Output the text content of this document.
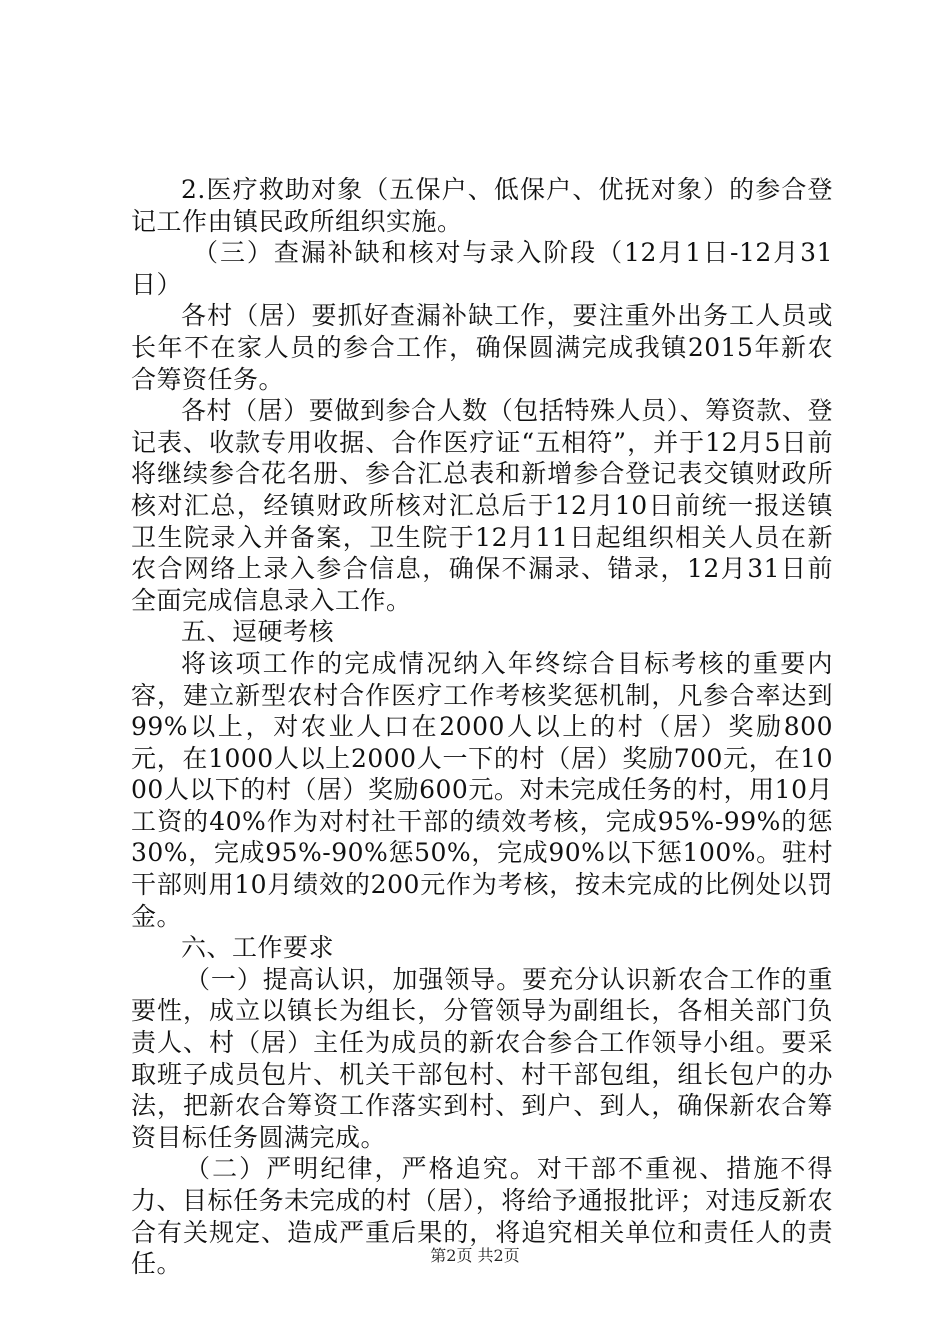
2.医疗救助对象（五保户、低保户、优抚对象）的参合登记工作由镇民政所组织实施。

（三）查漏补缺和核对与录入阶段（12月1日-12月31日）

各村（居）要抓好查漏补缺工作，要注重外出务工人员或长年不在家人员的参合工作，确保圆满完成我镇2015年新农合筹资任务。

各村（居）要做到参合人数（包括特殊人员）、筹资款、登记表、收款专用收据、合作医疗证“五相符”，并于12月5日前将继续参合花名册、参合汇总表和新增参合登记表交镇财政所核对汇总，经镇财政所核对汇总后于12月10日前统一报送镇卫生院录入并备案，卫生院于12月11日起组织相关人员在新农合网络上录入参合信息，确保不漏录、错录，12月31日前全面完成信息录入工作。

五、逗硬考核

将该项工作的完成情况纳入年终综合目标考核的重要内容，建立新型农村合作医疗工作考核奖惩机制，凡参合率达到99%以上，对农业人口在2000人以上的村（居）奖励800元，在1000人以上2000人一下的村（居）奖励700元，在1000人以下的村（居）奖励600元。对未完成任务的村，用10月工资的40%作为对村社干部的绩效考核，完成95%-99%的惩30%，完成95%-90%惩50%，完成90%以下惩100%。驻村干部则用10月绩效的200元作为考核，按未完成的比例处以罚金。

六、工作要求

（一）提高认识，加强领导。要充分认识新农合工作的重要性，成立以镇长为组长，分管领导为副组长，各相关部门负责人、村（居）主任为成员的新农合参合工作领导小组。要采取班子成员包片、机关干部包村、村干部包组，组长包户的办法，把新农合筹资工作落实到村、到户、到人，确保新农合筹资目标任务圆满完成。

（二）严明纪律，严格追究。对干部不重视、措施不得力、目标任务未完成的村（居），将给予通报批评；对违反新农合有关规定、造成严重后果的，将追究相关单位和责任人的责任。	第2页 共2页
